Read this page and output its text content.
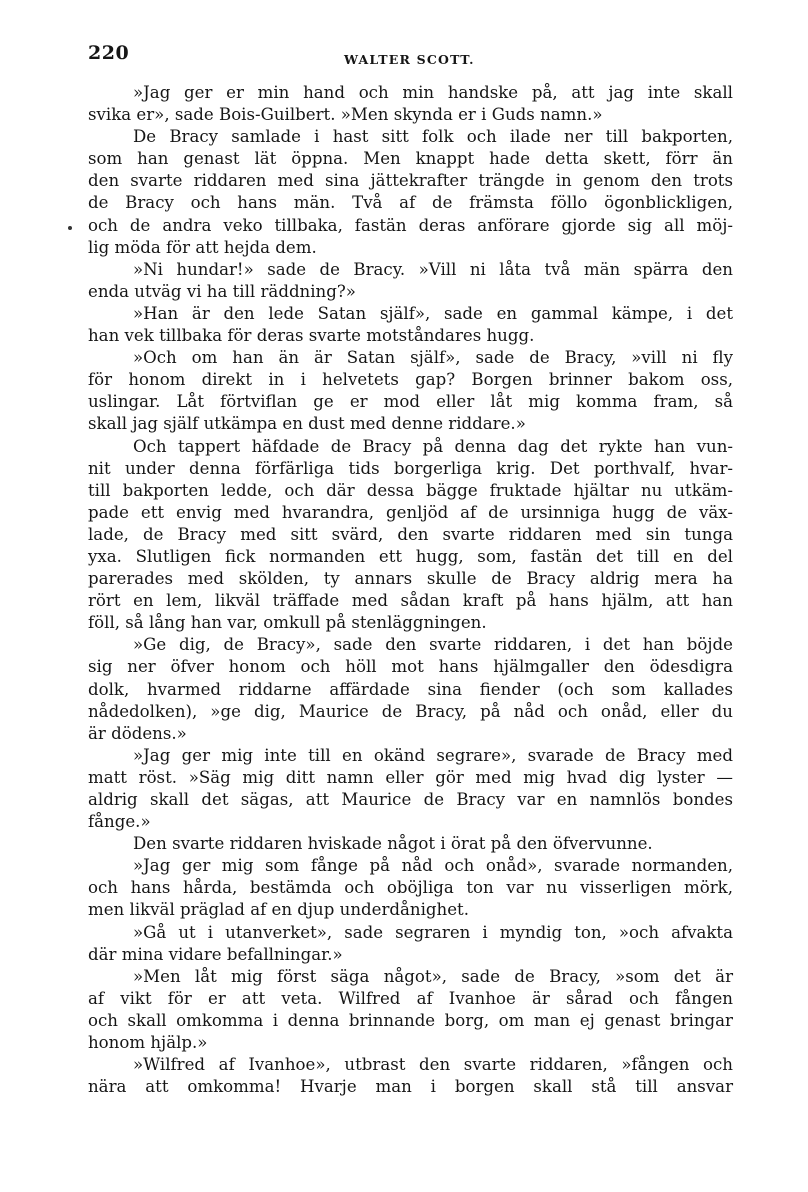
220	WALTER SCOTT.
»Jag ger er min hand och min handske på, att jag inte skall
svika er», sade Bois-Guilbert. »Men skynda er i Guds namn.»
De Bracy samlade i hast sitt folk och ilade ner till bakporten,
som han genast lät öppna. Men knappt hade detta skett, förr än
den svarte riddaren med sina jättekrafter trängde in genom den trots
de Bracy och hans män. Två af de främsta föllo ögonblickligen,
och de andra veko tillbaka, fastän deras anförare gjorde sig all möj-
lig möda för att hejda dem.
»Ni hundar!» sade de Bracy. »Vill ni låta två män spärra den
enda utväg vi ha till räddning?»
»Han är den lede Satan själf», sade en gammal kämpe, i det
han vek tillbaka för deras svarte motståndares hugg.
»Och om han än är Satan själf», sade de Bracy, »vill ni fly
för honom direkt in i helvetets gap? Borgen brinner bakom oss,
uslingar. Låt förtviflan ge er mod eller låt mig komma fram, så
skall jag själf utkämpa en dust med denne riddare.»
Och tappert häfdade de Bracy på denna dag det rykte han vun-
nit under denna förfärliga tids borgerliga krig. Det porthvalf, hvar-
till bakporten ledde, och där dessa bägge fruktade hjältar nu utkäm-
pade ett envig med hvarandra, genljöd af de ursinniga hugg de väx-
lade, de Bracy med sitt svärd, den svarte riddaren med sin tunga
yxa. Slutligen fick normanden ett hugg, som, fastän det till en del
parerades med skölden, ty annars skulle de Bracy aldrig mera ha
rört en lem, likväl träffade med sådan kraft på hans hjälm, att han
föll, så lång han var, omkull på stenläggningen.
»Ge dig, de Bracy», sade den svarte riddaren, i det han böjde
sig ner öfver honom och höll mot hans hjälmgaller den ödesdigra
dolk, hvarmed riddarne affärdade sina fiender (och som kallades
nådedolken), »ge dig, Maurice de Bracy, på nåd och onåd, eller du
är dödens.»
»Jag ger mig inte till en okänd segrare», svarade de Bracy med
matt röst. »Säg mig ditt namn eller gör med mig hvad dig lyster —
aldrig skall det sägas, att Maurice de Bracy var en namnlös bondes
fånge.»
Den svarte riddaren hviskade något i örat på den öfvervunne.
»Jag ger mig som fånge på nåd och onåd», svarade normanden,
och hans hårda, bestämda och oböjliga ton var nu visserligen mörk,
men likväl präglad af en djup underdånighet.
»Gå ut i utanverket», sade segraren i myndig ton, »och afvakta
där mina vidare befallningar.»
»Men låt mig först säga något», sade de Bracy, »som det är
af vikt för er att veta. Wilfred af Ivanhoe är sårad och fången
och skall omkomma i denna brinnande borg, om man ej genast bringar
honom hjälp.»
»Wilfred af Ivanhoe», utbrast den svarte riddaren, »fången och
nära att omkomma! Hvarje man i borgen skall stå till ansvar
